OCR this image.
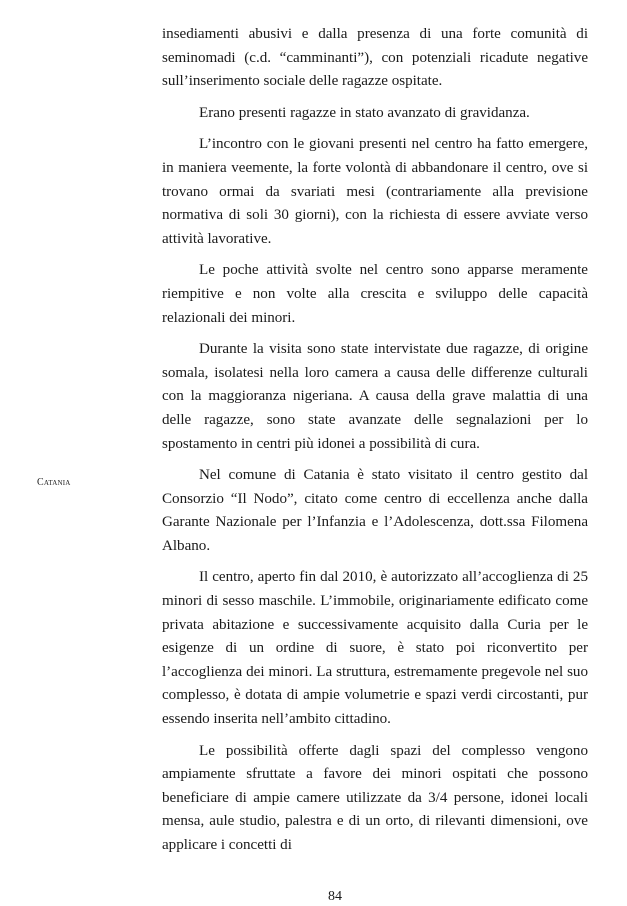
insediamenti abusivi e dalla presenza di una forte comunità di seminomadi (c.d. “camminanti”), con potenziali ricadute negative sull’inserimento sociale delle ragazze ospitate.

Erano presenti ragazze in stato avanzato di gravidanza.

L’incontro con le giovani presenti nel centro ha fatto emergere, in maniera veemente, la forte volontà di abbandonare il centro, ove si trovano ormai da svariati mesi (contrariamente alla previsione normativa di soli 30 giorni), con la richiesta di essere avviate verso attività lavorative.

Le poche attività svolte nel centro sono apparse meramente riempitive e non volte alla crescita e sviluppo delle capacità relazionali dei minori.

Durante la visita sono state intervistate due ragazze, di origine somala, isolatesi nella loro camera a causa delle differenze culturali con la maggioranza nigeriana. A causa della grave malattia di una delle ragazze, sono state avanzate delle segnalazioni per lo spostamento in centri più idonei a possibilità di cura.

Nel comune di Catania è stato visitato il centro gestito dal Consorzio “Il Nodo”, citato come centro di eccellenza anche dalla Garante Nazionale per l’Infanzia e l’Adolescenza, dott.ssa Filomena Albano.

Il centro, aperto fin dal 2010, è autorizzato all’accoglienza di 25 minori di sesso maschile. L’immobile, originariamente edificato come privata abitazione e successivamente acquisito dalla Curia per le esigenze di un ordine di suore, è stato poi riconvertito per l’accoglienza dei minori. La struttura, estremamente pregevole nel suo complesso, è dotata di ampie volumetrie e spazi verdi circostanti, pur essendo inserita nell’ambito cittadino.

Le possibilità offerte dagli spazi del complesso vengono ampiamente sfruttate a favore dei minori ospitati che possono beneficiare di ampie camere utilizzate da 3/4 persone, idonei locali mensa, aule studio, palestra e di un orto, di rilevanti dimensioni, ove applicare i concetti di

Catania
84
